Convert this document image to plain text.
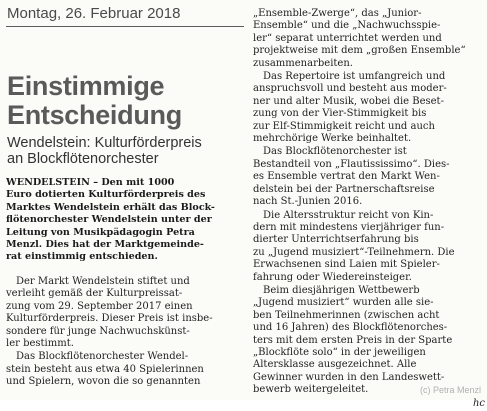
Montag, 26. Februar 2018
Einstimmige
Entscheidung
Wendelstein: Kulturförderpreis
an Blockflötenorchester
WENDELSTEIN – Den mit 1000
Euro dotierten Kulturförderpreis des
Marktes Wendelstein erhält das Block-
flötenorchester Wendelstein unter der
Leitung von Musikpädagogin Petra
Menzl. Dies hat der Marktgemeinde-
rat einstimmig entschieden.
Der Markt Wendelstein stiftet und
verleiht gemäß der Kulturpreissat-
zung vom 29. September 2017 einen
Kulturförderpreis. Dieser Preis ist insbe-
sondere für junge Nachwuchskünst-
ler bestimmt.
Das Blockflötenorchester Wendel-
stein besteht aus etwa 40 Spielerinnen
und Spielern, wovon die so genannten
„Ensemble-Zwerge“, das „Junior-
Ensemble“ und die „Nachwuchsspie-
ler“ separat unterrichtet werden und
projektweise mit dem „großen Ensemble“
zusammenarbeiten.
Das Repertoire ist umfangreich und
anspruchsvoll und besteht aus moder-
ner und alter Musik, wobei die Beset-
zung von der Vier-Stimmigkeit bis
zur Elf-Stimmigkeit reicht und auch
mehrchörige Werke beinhaltet.
Das Blockflötenorchester ist
Bestandteil von „Flautississimo“. Dies-
es Ensemble vertrat den Markt Wen-
delstein bei der Partnerschaftsreise
nach St.-Junien 2016.
Die Altersstruktur reicht von Kin-
dern mit mindestens vierjähriger fun-
dierter Unterrichtserfahrung bis
zu „Jugend musiziert“-Teilnehmern. Die
Erwachsenen sind Laien mit Spieler-
fahrung oder Wiedereinsteiger.
Beim diesjährigen Wettbewerb
„Jugend musiziert“ wurden alle sie-
ben Teilnehmerinnen (zwischen acht
und 16 Jahren) des Blockflötenorches-
ters mit dem ersten Preis in der Sparte
„Blockflöte solo“ in der jeweiligen
Altersklasse ausgezeichnet. Alle
Gewinner wurden in den Landeswett-
bewerb weitergeleitet.
hc
(c) Petra Menzl
